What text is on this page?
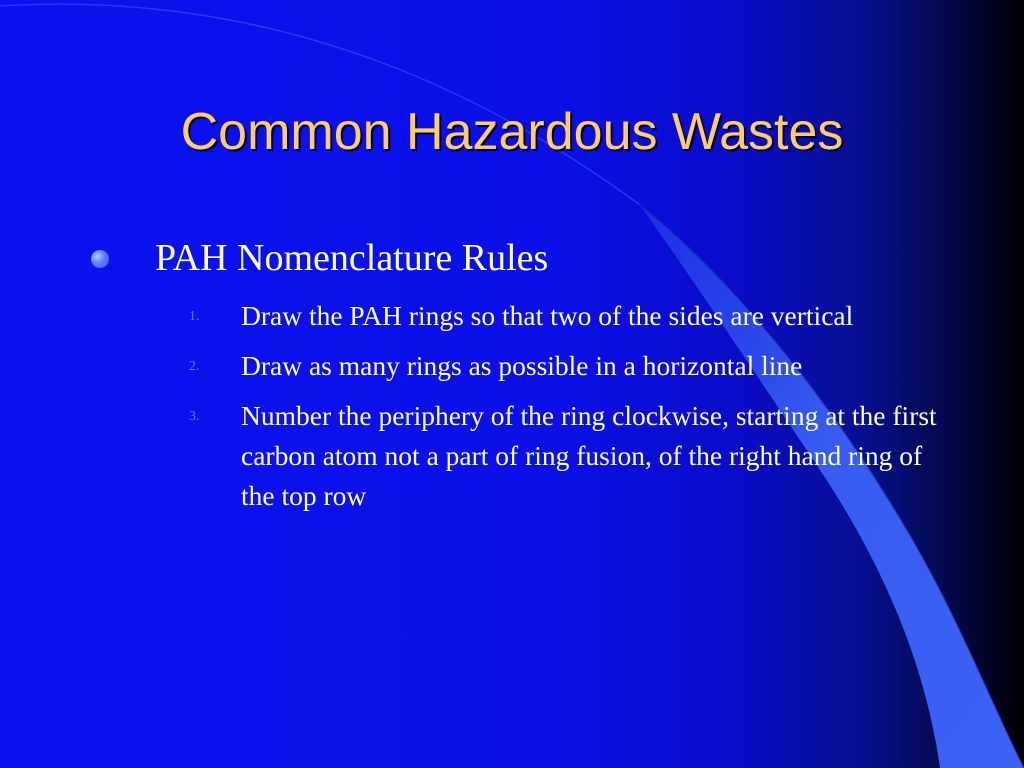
Common Hazardous Wastes
PAH Nomenclature Rules
1. Draw the PAH rings so that two of the sides are vertical
2. Draw as many rings as possible in a horizontal line
3. Number the periphery of the ring clockwise, starting at the first carbon atom not a part of ring fusion, of the right hand ring of the top row
